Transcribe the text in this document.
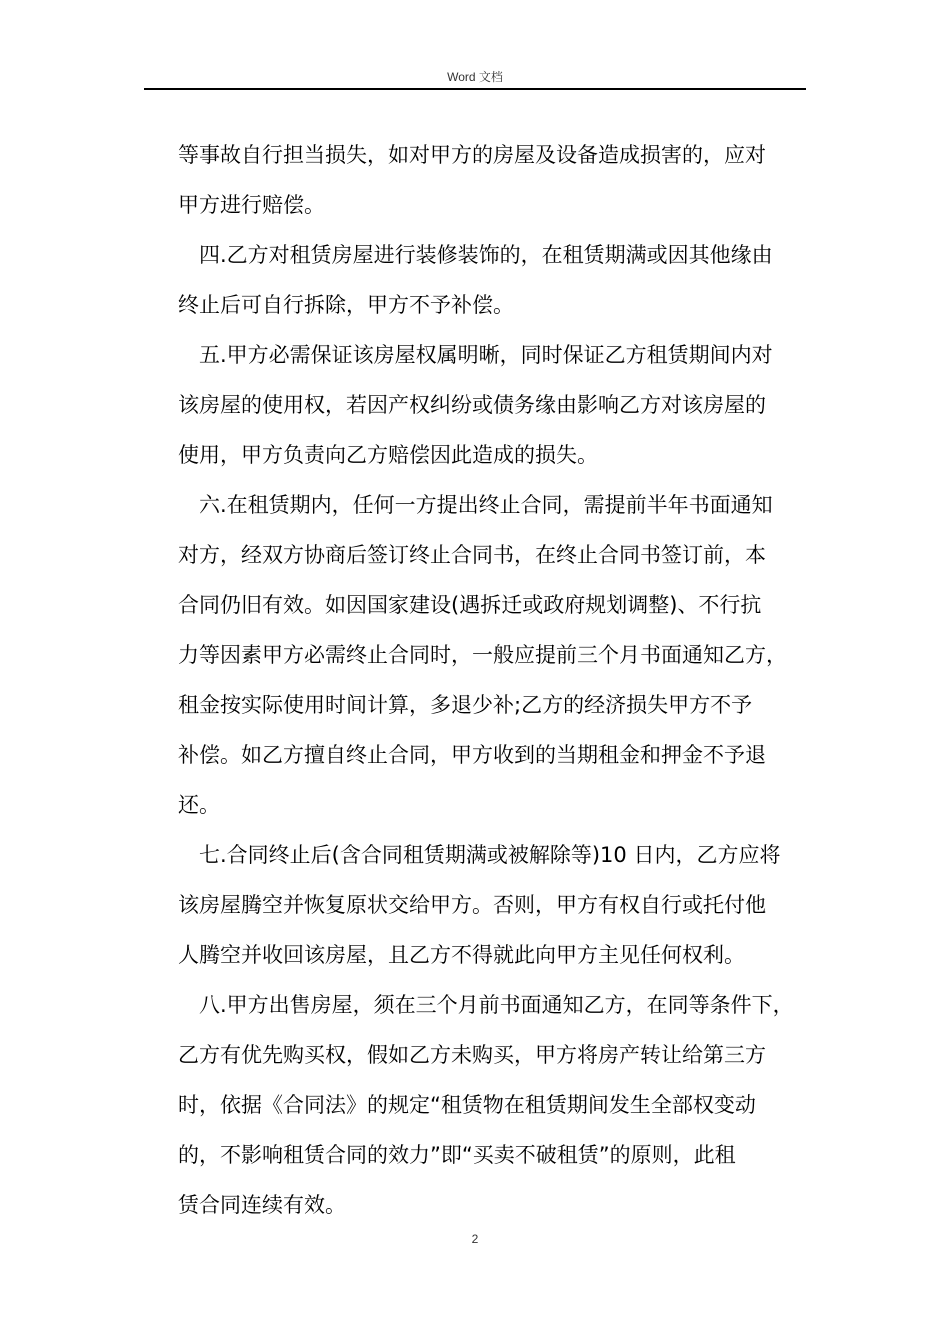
Word 文档
等事故自行担当损失，如对甲方的房屋及设备造成损害的，应对
甲方进行赔偿。
四.乙方对租赁房屋进行装修装饰的，在租赁期满或因其他缘由
终止后可自行拆除，甲方不予补偿。
五.甲方必需保证该房屋权属明晰，同时保证乙方租赁期间内对
该房屋的使用权，若因产权纠纷或债务缘由影响乙方对该房屋的
使用，甲方负责向乙方赔偿因此造成的损失。
六.在租赁期内，任何一方提出终止合同，需提前半年书面通知
对方，经双方协商后签订终止合同书，在终止合同书签订前，本
合同仍旧有效。如因国家建设(遇拆迁或政府规划调整)、不行抗
力等因素甲方必需终止合同时，一般应提前三个月书面通知乙方，
租金按实际使用时间计算，多退少补;乙方的经济损失甲方不予
补偿。如乙方擅自终止合同，甲方收到的当期租金和押金不予退
还。
七.合同终止后(含合同租赁期满或被解除等)10 日内，乙方应将
该房屋腾空并恢复原状交给甲方。否则，甲方有权自行或托付他
人腾空并收回该房屋，且乙方不得就此向甲方主见任何权利。
八.甲方出售房屋，须在三个月前书面通知乙方，在同等条件下，
乙方有优先购买权，假如乙方未购买，甲方将房产转让给第三方
时，依据《合同法》的规定“租赁物在租赁期间发生全部权变动
的，不影响租赁合同的效力”即“买卖不破租赁”的原则，此租
赁合同连续有效。
2
